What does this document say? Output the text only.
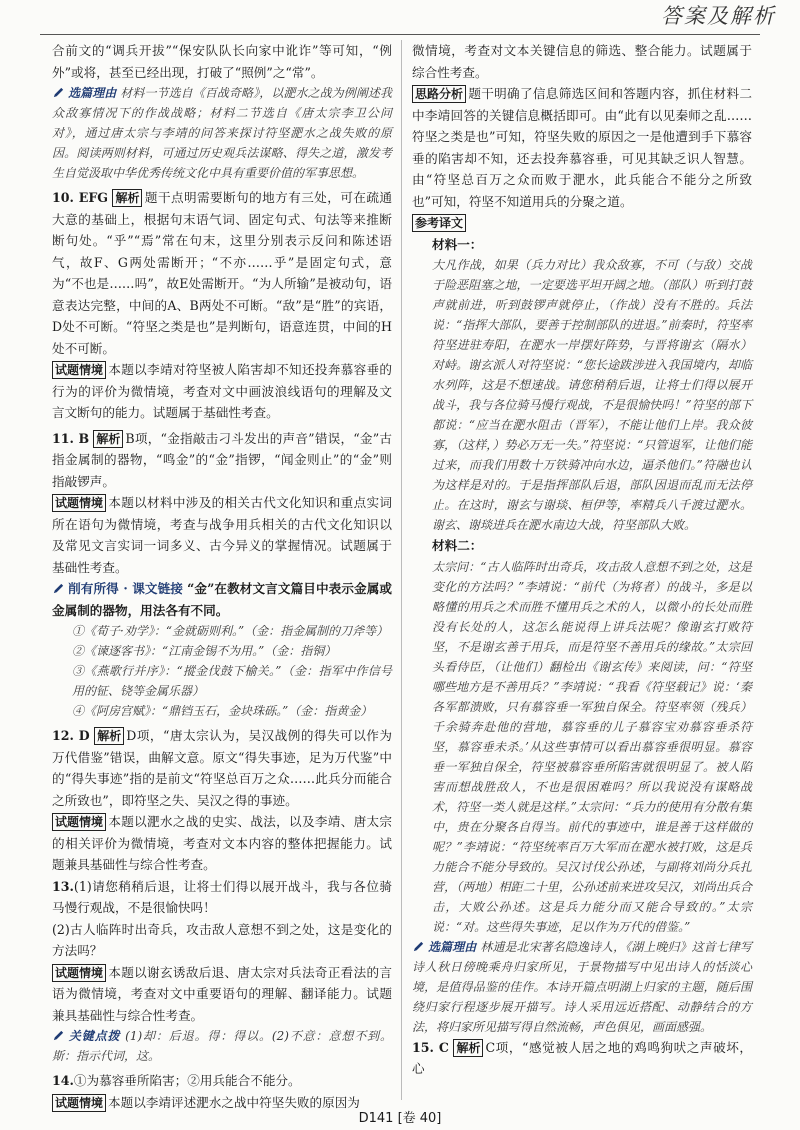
答案及解析

合前文的“调兵开拔”“保安队队长向家中讹诈”等可知，“例外”或将，甚至已经出现，打破了“照例”之“常”。

选篇理由 材料一节选自《百战奇略》，以淝水之战为例阐述我众敌寡情况下的作战战略；材料二节选自《唐太宗李卫公问对》，通过唐太宗与李靖的问答来探讨符坚淝水之战失败的原因。阅读两则材料，可通过历史观兵法谋略、得失之道，激发考生自觉汲取中华优秀传统文化中具有重要价值的军事思想。

10. EFG 解析 题干点明需要断句的地方有三处，可在疏通大意的基础上，根据句末语气词、固定句式、句法等来推断断句处。“乎”“焉”常在句末，这里分别表示反问和陈述语气，故F、G两处需断开；“不亦……乎”是固定句式，意为“不也是……吗”，故E处需断开。“为人所输”是被动句，语意表达完整，中间的A、B两处不可断。“敌”是“胜”的宾语，D处不可断。“符坚之类是也”是判断句，语意连贯，中间的H处不可断。

试题情境 本题以李靖对符坚被人陷害却不知还投奔慕容垂的行为的评价为微情境，考查对文中画波浪线语句的理解及文言文断句的能力。试题属于基础性考查。

11. B 解析 B项，“金指敲击刁斗发出的声音”错误，“金”古指金属制的器物，“鸣金”的“金”指锣，“闻金则止”的“金”则指敲锣声。

试题情境 本题以材料中涉及的相关古代文化知识和重点实词所在语句为微情境，考查与战争用兵相关的古代文化知识以及常见文言实词一词多义、古今异义的掌握情况。试题属于基础性考查。

削有所得 · 课文链接 “金”在教材文言文篇目中表示金属或金属制的器物，用法各有不同。

①《荀子·劝学》：“金就砺则利。”（金：指金属制的刀斧等）

②《谏逐客书》：“江南金锡不为用。”（金：指铜）

③《燕歌行并序》：“摐金伐鼓下榆关。”（金：指军中作信号用的钲、铙等金属乐器）

④《阿房宫赋》：“鼎铛玉石，金块珠砾。”（金：指黄金）

12. D 解析 D项，“唐太宗认为，吴汉战例的得失可以作为万代借鉴”错误，曲解文意。原文“得失事迹，足为万代鉴”中的“得失事迹”指的是前文“符坚总百万之众……此兵分而能合之所致也”，即符坚之失、吴汉之得的事迹。

试题情境 本题以淝水之战的史实、战法，以及李靖、唐太宗的相关评价为微情境，考查对文本内容的整体把握能力。试题兼具基础性与综合性考查。

13.(1)请您稍稍后退，让将士们得以展开战斗，我与各位骑马慢行观战，不是很愉快吗！

(2)古人临阵时出奇兵，攻击敌人意想不到之处，这是变化的方法吗？

试题情境 本题以谢玄诱敌后退、唐太宗对兵法奇正看法的言语为微情境，考查对文中重要语句的理解、翻译能力。试题兼具基础性与综合性考查。

关键点拨 (1)却：后退。得：得以。(2)不意：意想不到。斯：指示代词，这。

14.①为慕容垂所陷害；②用兵能合不能分。

试题情境 本题以李靖评述淝水之战中符坚失败的原因为

微情境，考查对文本关键信息的筛选、整合能力。试题属于综合性考查。

思路分析 题干明确了信息筛选区间和答题内容，抓住材料二中李靖回答的关键信息概括即可。由“此有以见秦师之乱……符坚之类是也”可知，符坚失败的原因之一是他遭到手下慕容垂的陷害却不知，还去投奔慕容垂，可见其缺乏识人智慧。由“符坚总百万之众而败于淝水，此兵能合不能分之所致也”可知，符坚不知道用兵的分聚之道。

参考译文

材料一：

大凡作战，如果（兵力对比）我众敌寡，不可（与敌）交战于险恶阻塞之地，一定要选平坦开阔之地。（部队）听到打鼓声就前进，听到鼓锣声就停止，（作战）没有不胜的。兵法说：“指挥大部队，要善于控制部队的进退。”前秦时，符坚率符坚进驻寿阳，在淝水一岸摆好阵势，与晋将谢玄（隔水）对峙。谢玄派人对符坚说：“您长途跋涉进入我国境内，却临水列阵，这是不想速战。请您稍稍后退，让将士们得以展开战斗，我与各位骑马慢行观战，不是很愉快吗！”符坚的部下都说：“应当在淝水阻击（晋军），不能让他们上岸。我众彼寡，（这样，）势必万无一失。”符坚说：“只管退军，让他们能过来，而我们用数十万铁骑冲向水边，逼杀他们。”符融也认为这样是对的。于是指挥部队后退，部队因退而乱而无法停止。在这时，谢玄与谢琰、桓伊等，率精兵八千渡过淝水。谢玄、谢琰进兵在淝水南边大战，符坚部队大败。

材料二：

太宗问：“古人临阵时出奇兵，攻击敌人意想不到之处，这是变化的方法吗？”李靖说：“前代（为将者）的战斗，多是以略懂的用兵之术而胜不懂用兵之术的人，以微小的长处而胜没有长处的人，这怎么能说得上讲兵法呢？像谢玄打败符坚，不是谢玄善于用兵，而是符坚不善用兵的缘故。”太宗回头看侍臣，（让他们）翻检出《谢玄传》来阅读，问：“符坚哪些地方是不善用兵？”李靖说：“我看《符坚载记》说：‘秦各军都溃败，只有慕容垂一军独自保全。符坚率领（残兵）千余骑奔赴他的营地，慕容垂的儿子慕容宝劝慕容垂杀符坚，慕容垂未杀。’从这些事情可以看出慕容垂很明显。慕容垂一军独自保全，符坚被慕容垂所陷害就很明显了。被人陷害而想战胜敌人，不也是很困难吗？所以我说没有谋略战术，符坚一类人就是这样。”太宗问：“兵力的使用有分散有集中，贵在分聚各自得当。前代的事迹中，谁是善于这样做的呢？”李靖说：“符坚统率百万大军而在淝水被打败，这是兵力能合不能分导致的。吴汉讨伐公孙述，与副将刘尚分兵扎营，（两地）相距二十里，公孙述前来进攻吴汉，刘尚出兵合击，大败公孙述。这是兵力能分而又能合导致的。”太宗说：“对。这些得失事迹，足以作为万代的借鉴。”

选篇理由 林逋是北宋著名隐逸诗人，《湖上晚归》这首七律写诗人秋日傍晚乘舟归家所见，于景物描写中见出诗人的恬淡心境，是值得品鉴的佳作。本诗开篇点明湖上归家的主题，随后围绕归家行程逐步展开描写。诗人采用远近搭配、动静结合的方法，将归家所见描写得自然流畅，声色俱见，画面感强。

15. C 解析 C项，“感觉被人居之地的鸡鸣狗吠之声破坏，心

D141 [卷 40]
